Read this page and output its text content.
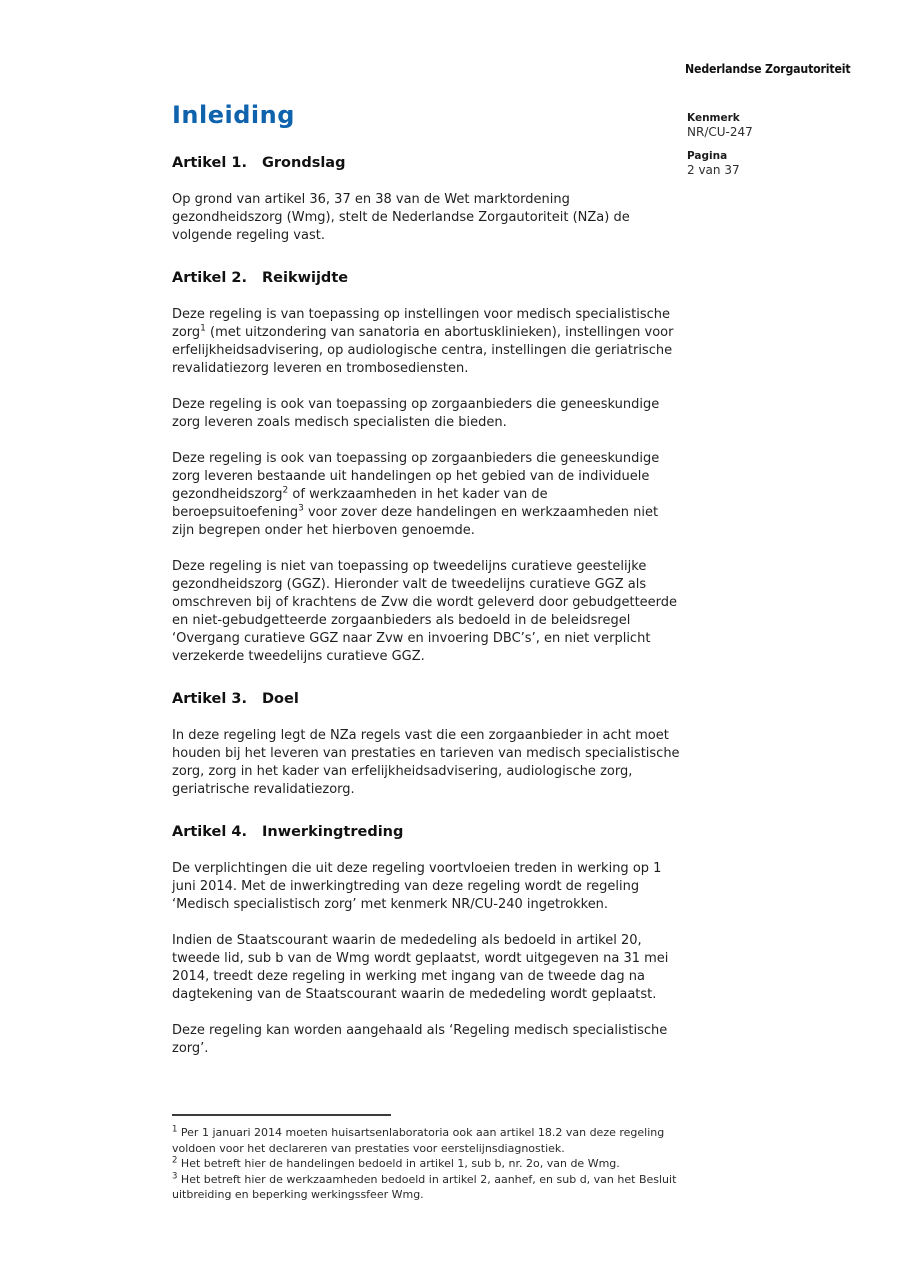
Nederlandse Zorgautoriteit
Kenmerk
NR/CU-247
Pagina
2 van 37
Inleiding
Artikel 1. Grondslag

Op grond van artikel 36, 37 en 38 van de Wet marktordening gezondheidszorg (Wmg), stelt de Nederlandse Zorgautoriteit (NZa) de volgende regeling vast.

Artikel 2. Reikwijdte

Deze regeling is van toepassing op instellingen voor medisch specialistische zorg$^1$ (met uitzondering van sanatoria en abortusklinieken), instellingen voor erfelijkheidsadvisering, op audiologische centra, instellingen die geriatrische revalidatiezorg leveren en trombosediensten.

Deze regeling is ook van toepassing op zorgaanbieders die geneeskundige zorg leveren zoals medisch specialisten die bieden.

Deze regeling is ook van toepassing op zorgaanbieders die geneeskundige zorg leveren bestaande uit handelingen op het gebied van de individuele gezondheidszorg$^2$ of werkzaamheden in het kader van de beroepsuitoefening$^3$ voor zover deze handelingen en werkzaamheden niet zijn begrepen onder het hierboven genoemde.

Deze regeling is niet van toepassing op tweedelijns curatieve geestelijke gezondheidszorg (GGZ). Hieronder valt de tweedelijns curatieve GGZ als omschreven bij of krachtens de Zvw die wordt geleverd door gebudgetteerde en niet-gebudgetteerde zorgaanbieders als bedoeld in de beleidsregel ‘Overgang curatieve GGZ naar Zvw en invoering DBC’s’, en niet verplicht verzekerde tweedelijns curatieve GGZ.

Artikel 3. Doel

In deze regeling legt de NZa regels vast die een zorgaanbieder in acht moet houden bij het leveren van prestaties en tarieven van medisch specialistische zorg, zorg in het kader van erfelijkheidsadvisering, audiologische zorg, geriatrische revalidatiezorg.

Artikel 4. Inwerkingtreding

De verplichtingen die uit deze regeling voortvloeien treden in werking op 1 juni 2014. Met de inwerkingtreding van deze regeling wordt de regeling ‘Medisch specialistisch zorg’ met kenmerk NR/CU-240 ingetrokken.

Indien de Staatscourant waarin de mededeling als bedoeld in artikel 20, tweede lid, sub b van de Wmg wordt geplaatst, wordt uitgegeven na 31 mei 2014, treedt deze regeling in werking met ingang van de tweede dag na dagtekening van de Staatscourant waarin de mededeling wordt geplaatst.

Deze regeling kan worden aangehaald als ‘Regeling medisch specialistische zorg’.

$^1$ Per 1 januari 2014 moeten huisartsenlaboratoria ook aan artikel 18.2 van deze regeling voldoen voor het declareren van prestaties voor eerstelijnsdiagnostiek.
$^2$ Het betreft hier de handelingen bedoeld in artikel 1, sub b, nr. 2o, van de Wmg.
$^3$ Het betreft hier de werkzaamheden bedoeld in artikel 2, aanhef, en sub d, van het Besluit uitbreiding en beperking werkingssfeer Wmg.
